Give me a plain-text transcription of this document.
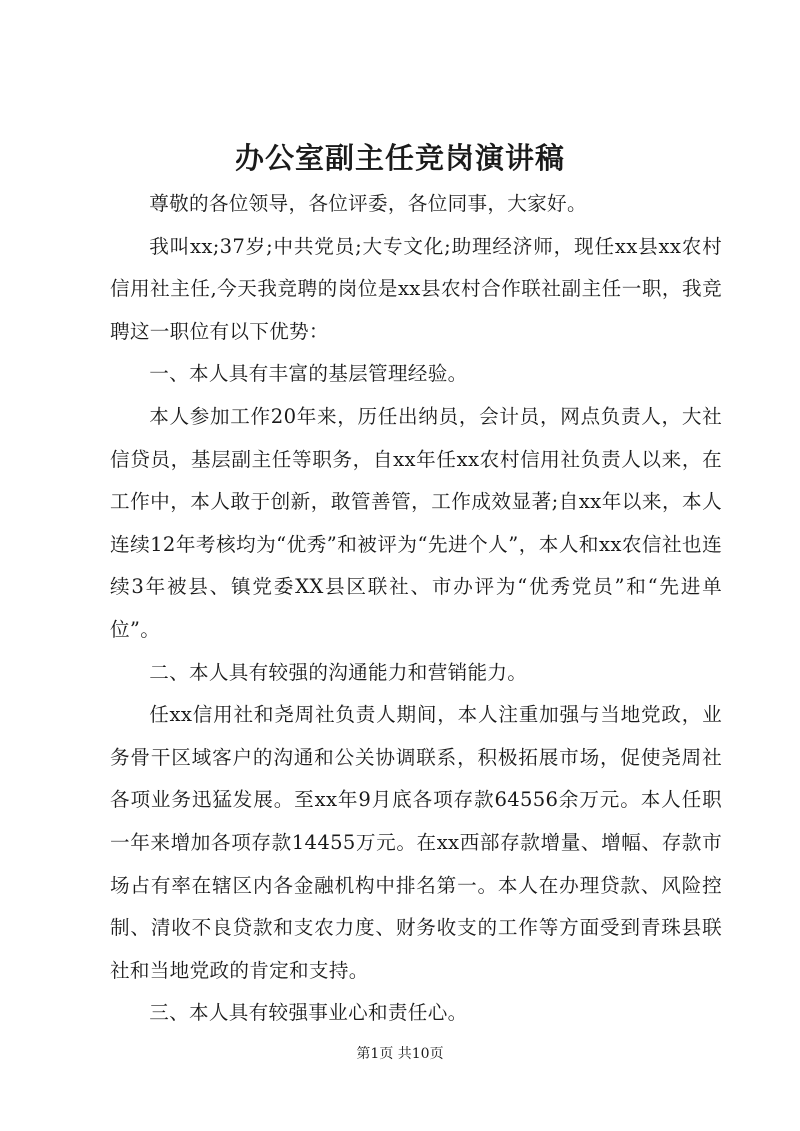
办公室副主任竞岗演讲稿

尊敬的各位领导，各位评委，各位同事，大家好。

我叫xx;37岁;中共党员;大专文化;助理经济师，现任xx县xx农村信用社主任,今天我竞聘的岗位是xx县农村合作联社副主任一职，我竞聘这一职位有以下优势：

一、本人具有丰富的基层管理经验。

本人参加工作20年来，历任出纳员，会计员，网点负责人，大社信贷员，基层副主任等职务，自xx年任xx农村信用社负责人以来，在工作中，本人敢于创新，敢管善管，工作成效显著;自xx年以来，本人连续12年考核均为“优秀”和被评为“先进个人”，本人和xx农信社也连续3年被县、镇党委XX县区联社、市办评为“优秀党员”和“先进单位”。

二、本人具有较强的沟通能力和营销能力。

任xx信用社和尧周社负责人期间，本人注重加强与当地党政，业务骨干区域客户的沟通和公关协调联系，积极拓展市场，促使尧周社各项业务迅猛发展。至xx年9月底各项存款64556余万元。本人任职一年来增加各项存款14455万元。在xx西部存款增量、增幅、存款市场占有率在辖区内各金融机构中排名第一。本人在办理贷款、风险控制、清收不良贷款和支农力度、财务收支的工作等方面受到青珠县联社和当地党政的肯定和支持。

三、本人具有较强事业心和责任心。

第1页 共10页
